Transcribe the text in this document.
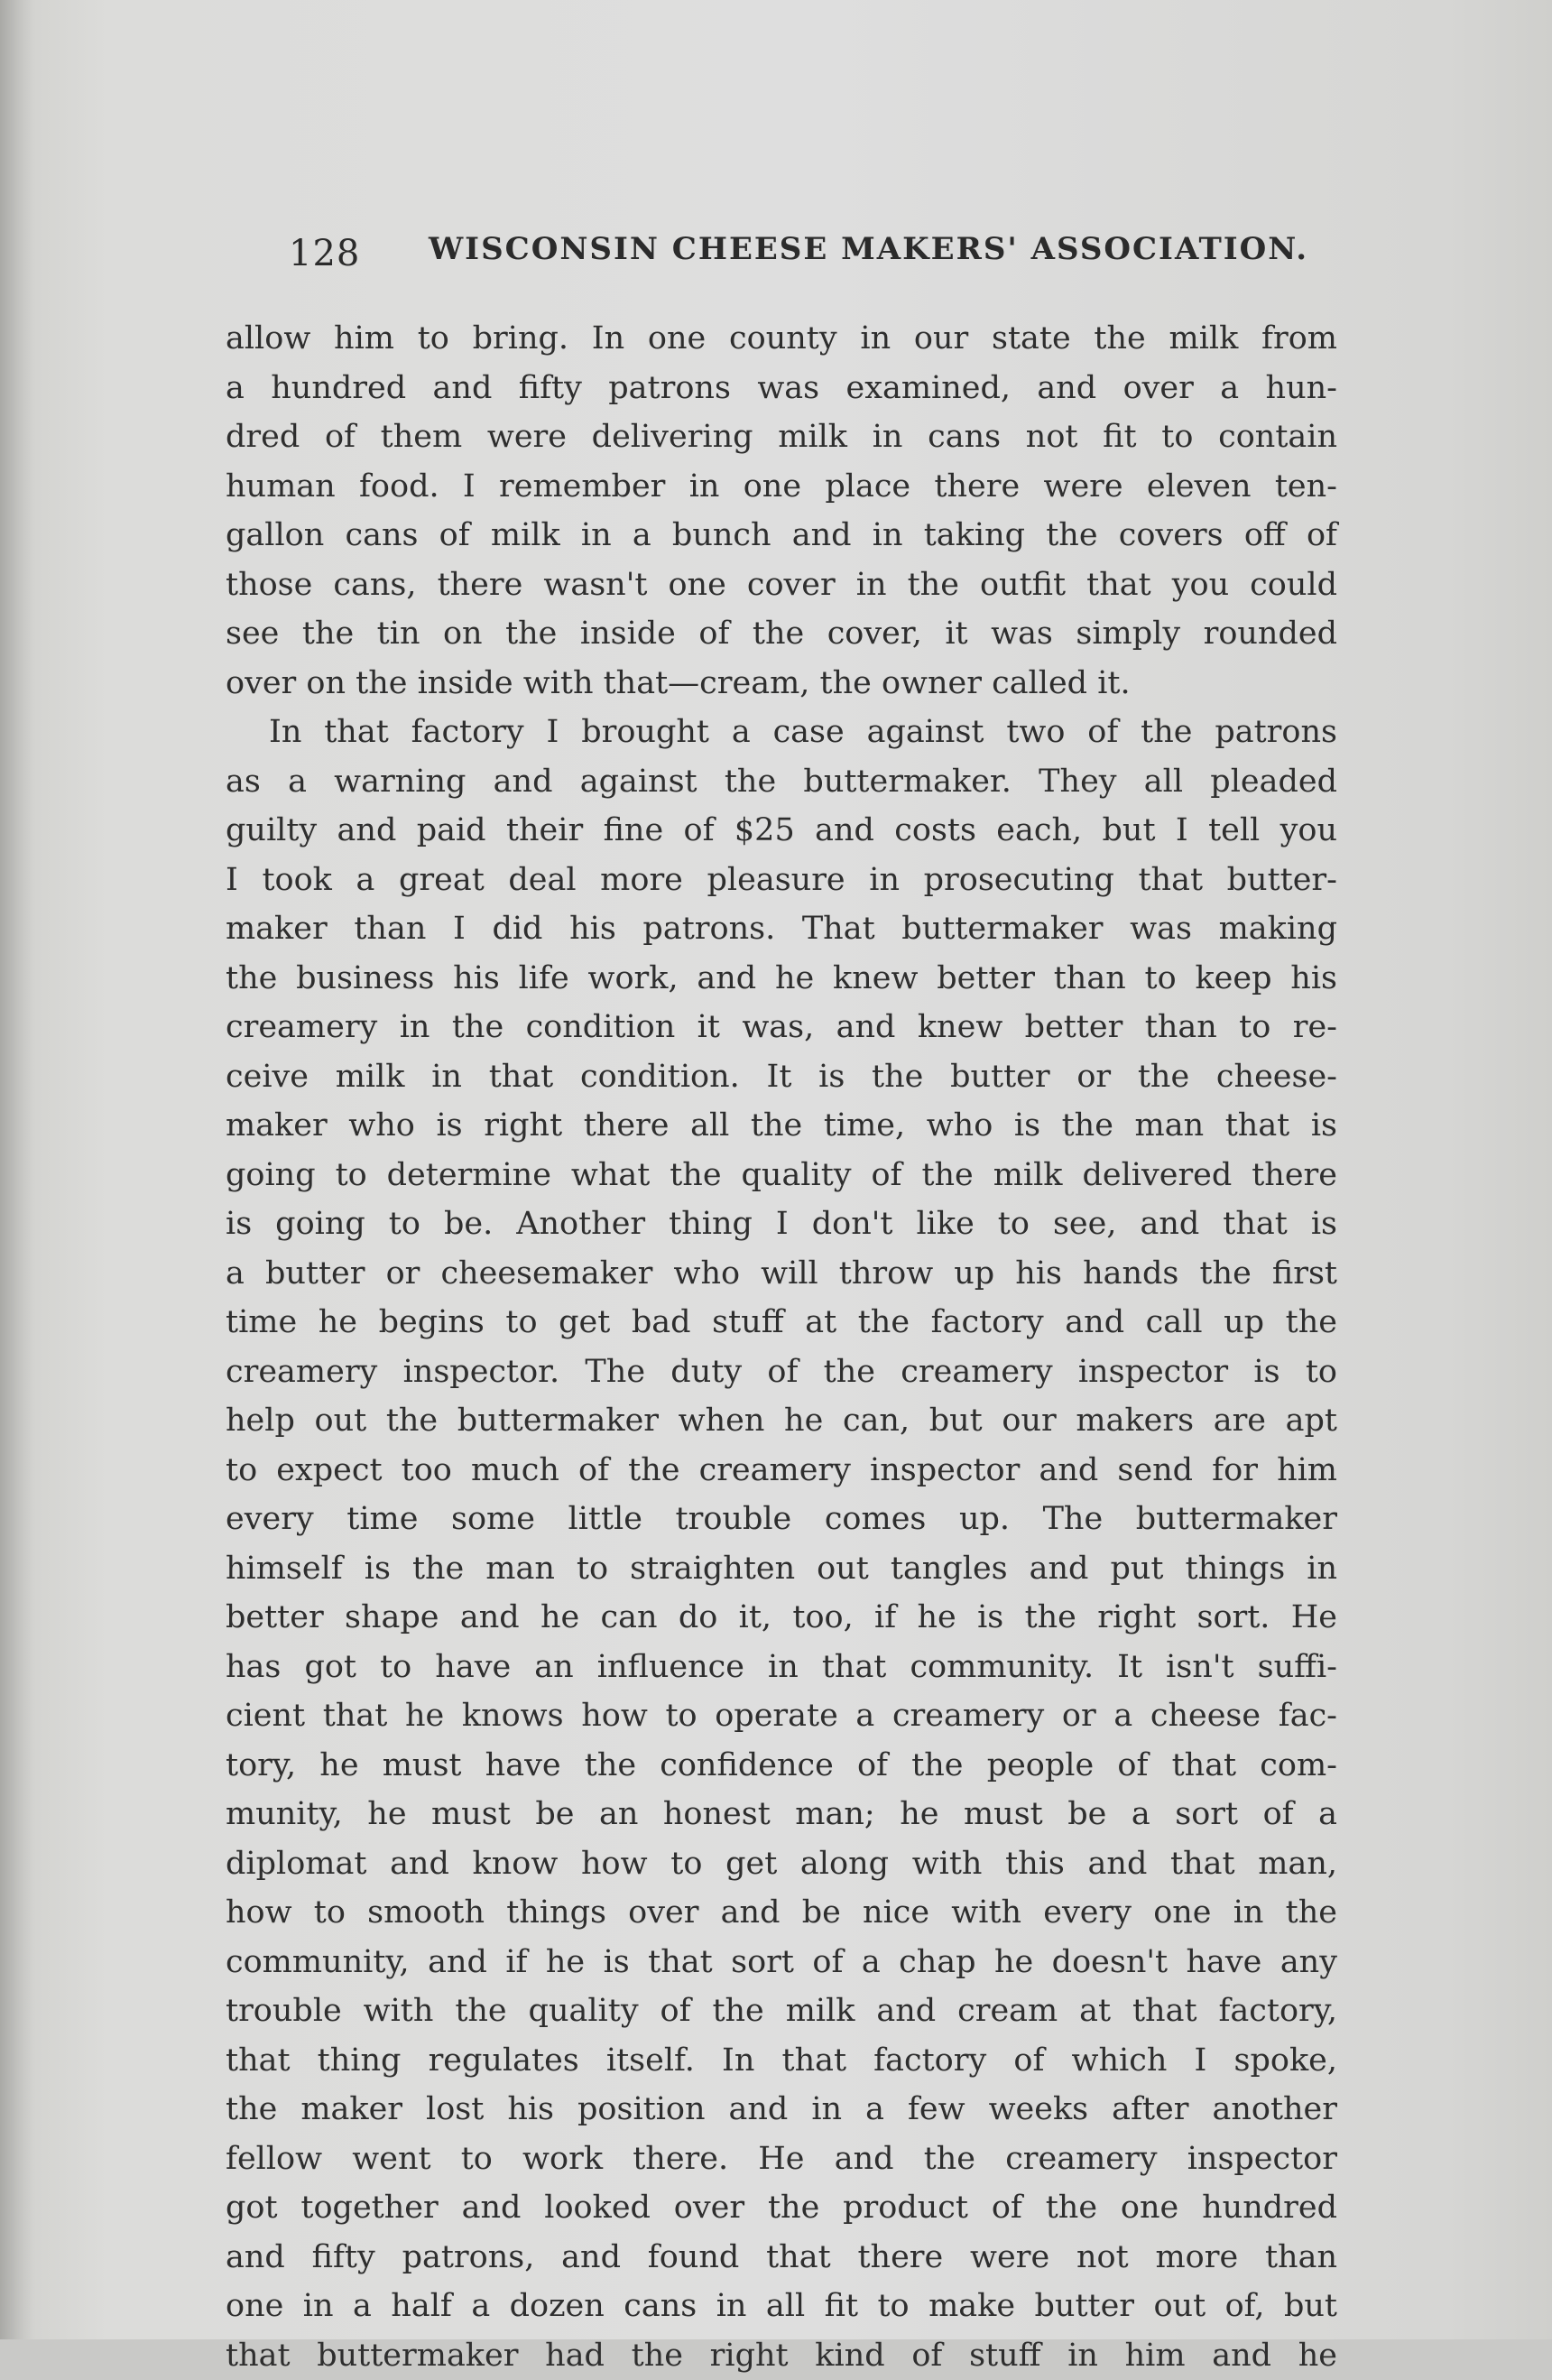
128 WISCONSIN CHEESE MAKERS' ASSOCIATION.
allow him to bring. In one county in our state the milk from
a hundred and fifty patrons was examined, and over a hun-
dred of them were delivering milk in cans not fit to contain
human food. I remember in one place there were eleven ten-
gallon cans of milk in a bunch and in taking the covers off of
those cans, there wasn't one cover in the outfit that you could
see the tin on the inside of the cover, it was simply rounded
over on the inside with that—cream, the owner called it.
In that factory I brought a case against two of the patrons
as a warning and against the buttermaker. They all pleaded
guilty and paid their fine of $25 and costs each, but I tell you
I took a great deal more pleasure in prosecuting that butter-
maker than I did his patrons. That buttermaker was making
the business his life work, and he knew better than to keep his
creamery in the condition it was, and knew better than to re-
ceive milk in that condition. It is the butter or the cheese-
maker who is right there all the time, who is the man that is
going to determine what the quality of the milk delivered there
is going to be. Another thing I don't like to see, and that is
a butter or cheesemaker who will throw up his hands the first
time he begins to get bad stuff at the factory and call up the
creamery inspector. The duty of the creamery inspector is to
help out the buttermaker when he can, but our makers are apt
to expect too much of the creamery inspector and send for him
every time some little trouble comes up. The buttermaker
himself is the man to straighten out tangles and put things in
better shape and he can do it, too, if he is the right sort. He
has got to have an influence in that community. It isn't suffi-
cient that he knows how to operate a creamery or a cheese fac-
tory, he must have the confidence of the people of that com-
munity, he must be an honest man; he must be a sort of a
diplomat and know how to get along with this and that man,
how to smooth things over and be nice with every one in the
community, and if he is that sort of a chap he doesn't have any
trouble with the quality of the milk and cream at that factory,
that thing regulates itself. In that factory of which I spoke,
the maker lost his position and in a few weeks after another
fellow went to work there. He and the creamery inspector
got together and looked over the product of the one hundred
and fifty patrons, and found that there were not more than
one in a half a dozen cans in all fit to make butter out of, but
that buttermaker had the right kind of stuff in him and he
